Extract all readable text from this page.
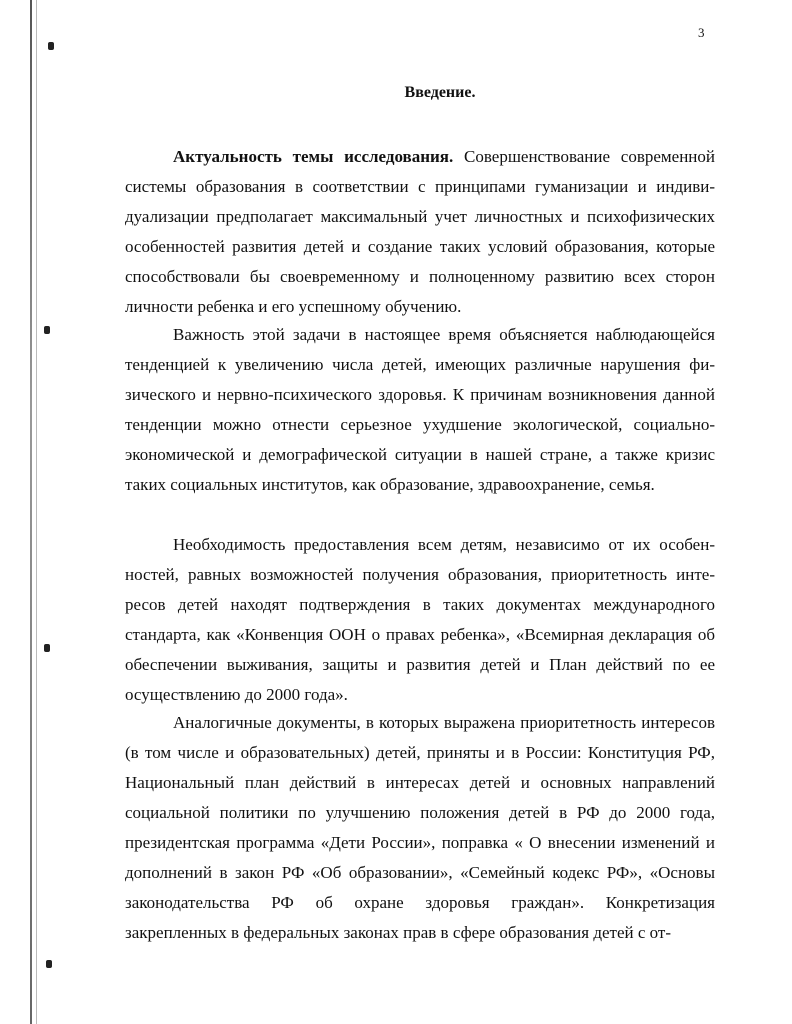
3
Введение.

Актуальность темы исследования. Совершенствование современной системы образования в соответствии с принципами гуманизации и индивидуализации предполагает максимальный учет личностных и психофизических особенностей развития детей и создание таких условий образования, которые способствовали бы своевременному и полноценному развитию всех сторон личности ребенка и его успешному обучению.

Важность этой задачи в настоящее время объясняется наблюдающейся тенденцией к увеличению числа детей, имеющих различные нарушения физического и нервно-психического здоровья. К причинам возникновения данной тенденции можно отнести серьезное ухудшение экологической, социально-экономической и демографической ситуации в нашей стране, а также кризис таких социальных институтов, как образование, здравоохранение, семья.

Необходимость предоставления всем детям, независимо от их особенностей, равных возможностей получения образования, приоритетность интересов детей находят подтверждения в таких документах международного стандарта, как «Конвенция ООН о правах ребенка», «Всемирная декларация об обеспечении выживания, защиты и развития детей и План действий по ее осуществлению до 2000 года».

Аналогичные документы, в которых выражена приоритетность интересов (в том числе и образовательных) детей, приняты и в России: Конституция РФ, Национальный план действий в интересах детей и основных направлений социальной политики по улучшению положения детей в РФ до 2000 года, президентская программа «Дети России», поправка « О внесении изменений и дополнений в закон РФ «Об образовании», «Семейный кодекс РФ», «Основы законодательства РФ об охране здоровья граждан». Конкретизация закрепленных в федеральных законах прав в сфере образования детей с от-
